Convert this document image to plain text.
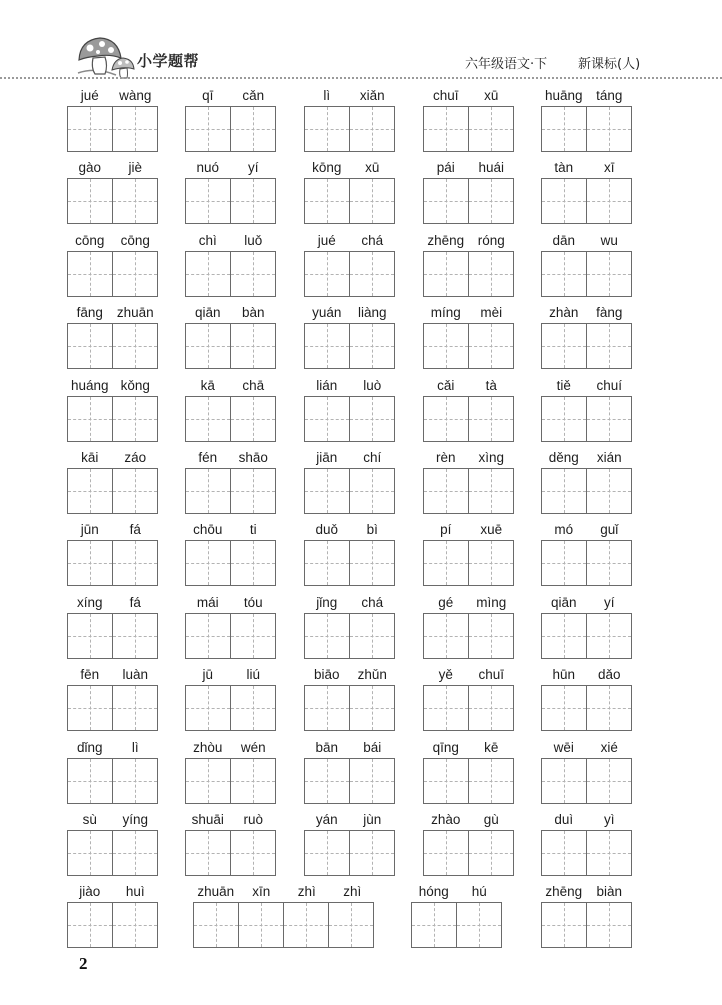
小学题帮	六年级语文·下 新课标(人)
jué	wàng	qī	cǎn	lì	xiǎn	chuī	xū	huāng	táng
gào	jiè	nuó	yí	kōng	xū	pái	huái	tàn	xī
cōng	cōng	chì	luǒ	jué	chá	zhēng	róng	dān	wu
fāng	zhuān	qiān	bàn	yuán	liàng	míng	mèi	zhàn	fàng
huáng kǒng	kā	chā	lián	luò	cǎi	tà	tiě	chuí
kāi	záo	fén	shāo	jiān	chí	rèn	xìng	děng	xián
jūn	fá	chōu	ti	duǒ	bì	pí	xuē	mó	guǐ
xíng	fá	mái	tóu	jǐng	chá	gé	mìng	qiān	yí
fēn	luàn	jū	liú	biāo	zhǔn	yě	chuī	hūn	dǎo
dǐng	lì	zhòu	wén	bān	bái	qīng	kē	wēi	xié
sù	yíng	shuāi	ruò	yán	jùn	zhào	gù	duì	yì
jiào	huì	zhuān	xīn	zhì	zhì	hóng	hú	zhēng	biàn
2
